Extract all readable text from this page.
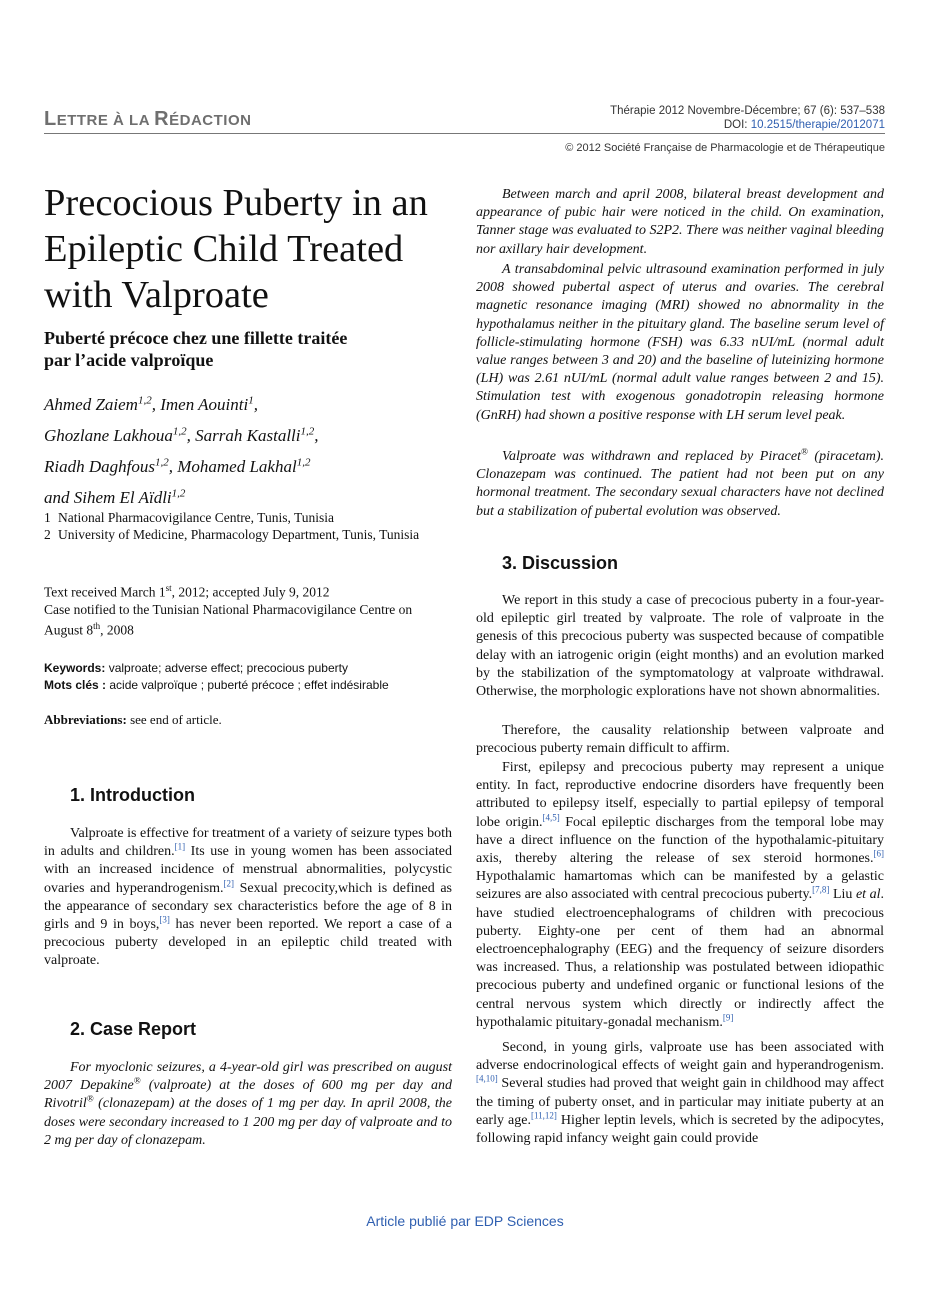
LETTRE À LA RÉDACTION
Thérapie 2012 Novembre-Décembre; 67 (6): 537–538
DOI: 10.2515/therapie/2012071
© 2012 Société Française de Pharmacologie et de Thérapeutique
Precocious Puberty in an Epileptic Child Treated with Valproate
Puberté précoce chez une fillette traitée
par l’acide valproïque
Ahmed Zaiem$^{1,2}$, Imen Aouinti$^1$,
Ghozlane Lakhoua$^{1,2}$, Sarrah Kastalli$^{1,2}$,
Riadh Daghfous$^{1,2}$, Mohamed Lakhal$^{1,2}$
and Sihem El Aïdli$^{1,2}$
1 National Pharmacovigilance Centre, Tunis, Tunisia
2 University of Medicine, Pharmacology Department, Tunis, Tunisia
Text received March 1st, 2012; accepted July 9, 2012
Case notified to the Tunisian National Pharmacovigilance Centre on August 8th, 2008
Keywords: valproate; adverse effect; precocious puberty
Mots clés : acide valproïque ; puberté précoce ; effet indésirable
Abbreviations: see end of article.
1. Introduction

Valproate is effective for treatment of a variety of seizure types both in adults and children.[1] Its use in young women has been associated with an increased incidence of menstrual abnormalities, polycystic ovaries and hyperandrogenism.[2] Sexual precocity,which is defined as the appearance of secondary sex characteristics before the age of 8 in girls and 9 in boys,[3] has never been reported. We report a case of a precocious puberty developed in an epileptic child treated with valproate.

2. Case Report

For myoclonic seizures, a 4-year-old girl was prescribed on august 2007 Depakine® (valproate) at the doses of 600 mg per day and Rivotril® (clonazepam) at the doses of 1 mg per day. In april 2008, the doses were secondary increased to 1 200 mg per day of valproate and to 2 mg per day of clonazepam.

Between march and april 2008, bilateral breast development and appearance of pubic hair were noticed in the child. On examination, Tanner stage was evaluated to S2P2. There was neither vaginal bleeding nor axillary hair development.

A transabdominal pelvic ultrasound examination performed in july 2008 showed pubertal aspect of uterus and ovaries. The cerebral magnetic resonance imaging (MRI) showed no abnormality in the hypothalamus neither in the pituitary gland. The baseline serum level of follicle-stimulating hormone (FSH) was 6.33 nUI/mL (normal adult value ranges between 3 and 20) and the baseline of luteinizing hormone (LH) was 2.61 nUI/mL (normal adult value ranges between 2 and 15). Stimulation test with exogenous gonadotropin releasing hormone (GnRH) had shown a positive response with LH serum level peak.

Valproate was withdrawn and replaced by Piracet® (piracetam). Clonazepam was continued. The patient had not been put on any hormonal treatment. The secondary sexual characters have not declined but a stabilization of pubertal evolution was observed.

3. Discussion

We report in this study a case of precocious puberty in a four-year-old epileptic girl treated by valproate. The role of valproate in the genesis of this precocious puberty was suspected because of compatible delay with an iatrogenic origin (eight months) and an evolution marked by the stabilization of the symptomatology at valproate withdrawal. Otherwise, the morphologic explorations have not shown abnormalities.

Therefore, the causality relationship between valproate and precocious puberty remain difficult to affirm.

First, epilepsy and precocious puberty may represent a unique entity. In fact, reproductive endocrine disorders have frequently been attributed to epilepsy itself, especially to partial epilepsy of temporal lobe origin.[4,5] Focal epileptic discharges from the temporal lobe may have a direct influence on the function of the hypothalamic-pituitary axis, thereby altering the release of sex steroid hormones.[6] Hypothalamic hamartomas which can be manifested by a gelastic seizures are also associated with central precocious puberty.[7,8] Liu et al. have studied electroencephalograms of children with precocious puberty. Eighty-one per cent of them had an abnormal electroencephalography (EEG) and the frequency of seizure disorders was increased. Thus, a relationship was postulated between idiopathic precocious puberty and undefined organic or functional lesions of the central nervous system which directly or indirectly affect the hypothalamic pituitary-gonadal mechanism.[9]

Second, in young girls, valproate use has been associated with adverse endocrinological effects of weight gain and hyperandrogenism.[4,10] Several studies had proved that weight gain in childhood may affect the timing of puberty onset, and in particular may initiate puberty at an early age.[11,12] Higher leptin levels, which is secreted by the adipocytes, following rapid infancy weight gain could provide

Article publié par EDP Sciences
